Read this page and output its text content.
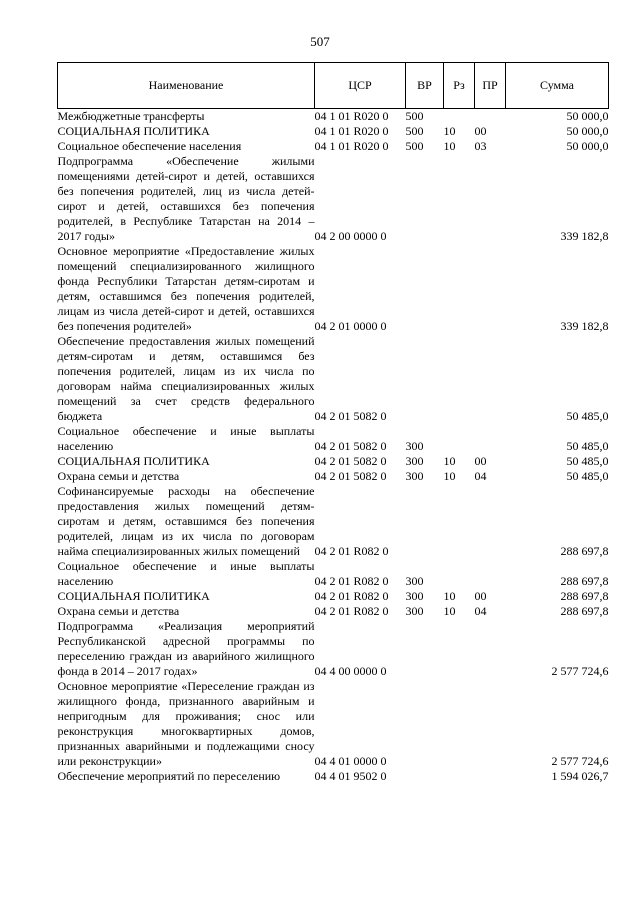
507
Наименование	ЦСР	ВР	Рз	ПР	Сумма
Межбюджетные трансферты	04 1 01 R020 0	500			50 000,0
СОЦИАЛЬНАЯ ПОЛИТИКА	04 1 01 R020 0	500	10	00	50 000,0
Социальное обеспечение населения	04 1 01 R020 0	500	10	03	50 000,0
Подпрограмма «Обеспечение жилыми помещениями детей-сирот и детей, оставшихся без попечения родителей, лиц из числа детей-сирот и детей, оставшихся без попечения родителей, в Республике Татарстан на 2014 – 2017 годы»	04 2 00 0000 0				339 182,8
Основное мероприятие «Предоставление жилых помещений специализированного жилищного фонда Республики Татарстан детям-сиротам и детям, оставшимся без попечения родителей, лицам из числа детей-сирот и детей, оставшихся без попечения родителей»	04 2 01 0000 0				339 182,8
Обеспечение предоставления жилых помещений детям-сиротам и детям, оставшимся без попечения родителей, лицам из их числа по договорам найма специализированных жилых помещений за счет средств федерального бюджета	04 2 01 5082 0				50 485,0
Социальное обеспечение и иные выплаты населению	04 2 01 5082 0	300			50 485,0
СОЦИАЛЬНАЯ ПОЛИТИКА	04 2 01 5082 0	300	10	00	50 485,0
Охрана семьи и детства	04 2 01 5082 0	300	10	04	50 485,0
Софинансируемые расходы на обеспечение предоставления жилых помещений детям-сиротам и детям, оставшимся без попечения родителей, лицам из их числа по договорам найма специализированных жилых помещений	04 2 01 R082 0				288 697,8
Социальное обеспечение и иные выплаты населению	04 2 01 R082 0	300			288 697,8
СОЦИАЛЬНАЯ ПОЛИТИКА	04 2 01 R082 0	300	10	00	288 697,8
Охрана семьи и детства	04 2 01 R082 0	300	10	04	288 697,8
Подпрограмма «Реализация мероприятий Республиканской адресной программы по переселению граждан из аварийного жилищного фонда в 2014 – 2017 годах»	04 4 00 0000 0				2 577 724,6
Основное мероприятие «Переселение граждан из жилищного фонда, признанного аварийным и непригодным для проживания; снос или реконструкция многоквартирных домов, признанных аварийными и подлежащими сносу или реконструкции»	04 4 01 0000 0				2 577 724,6
Обеспечение мероприятий по переселению	04 4 01 9502 0				1 594 026,7
